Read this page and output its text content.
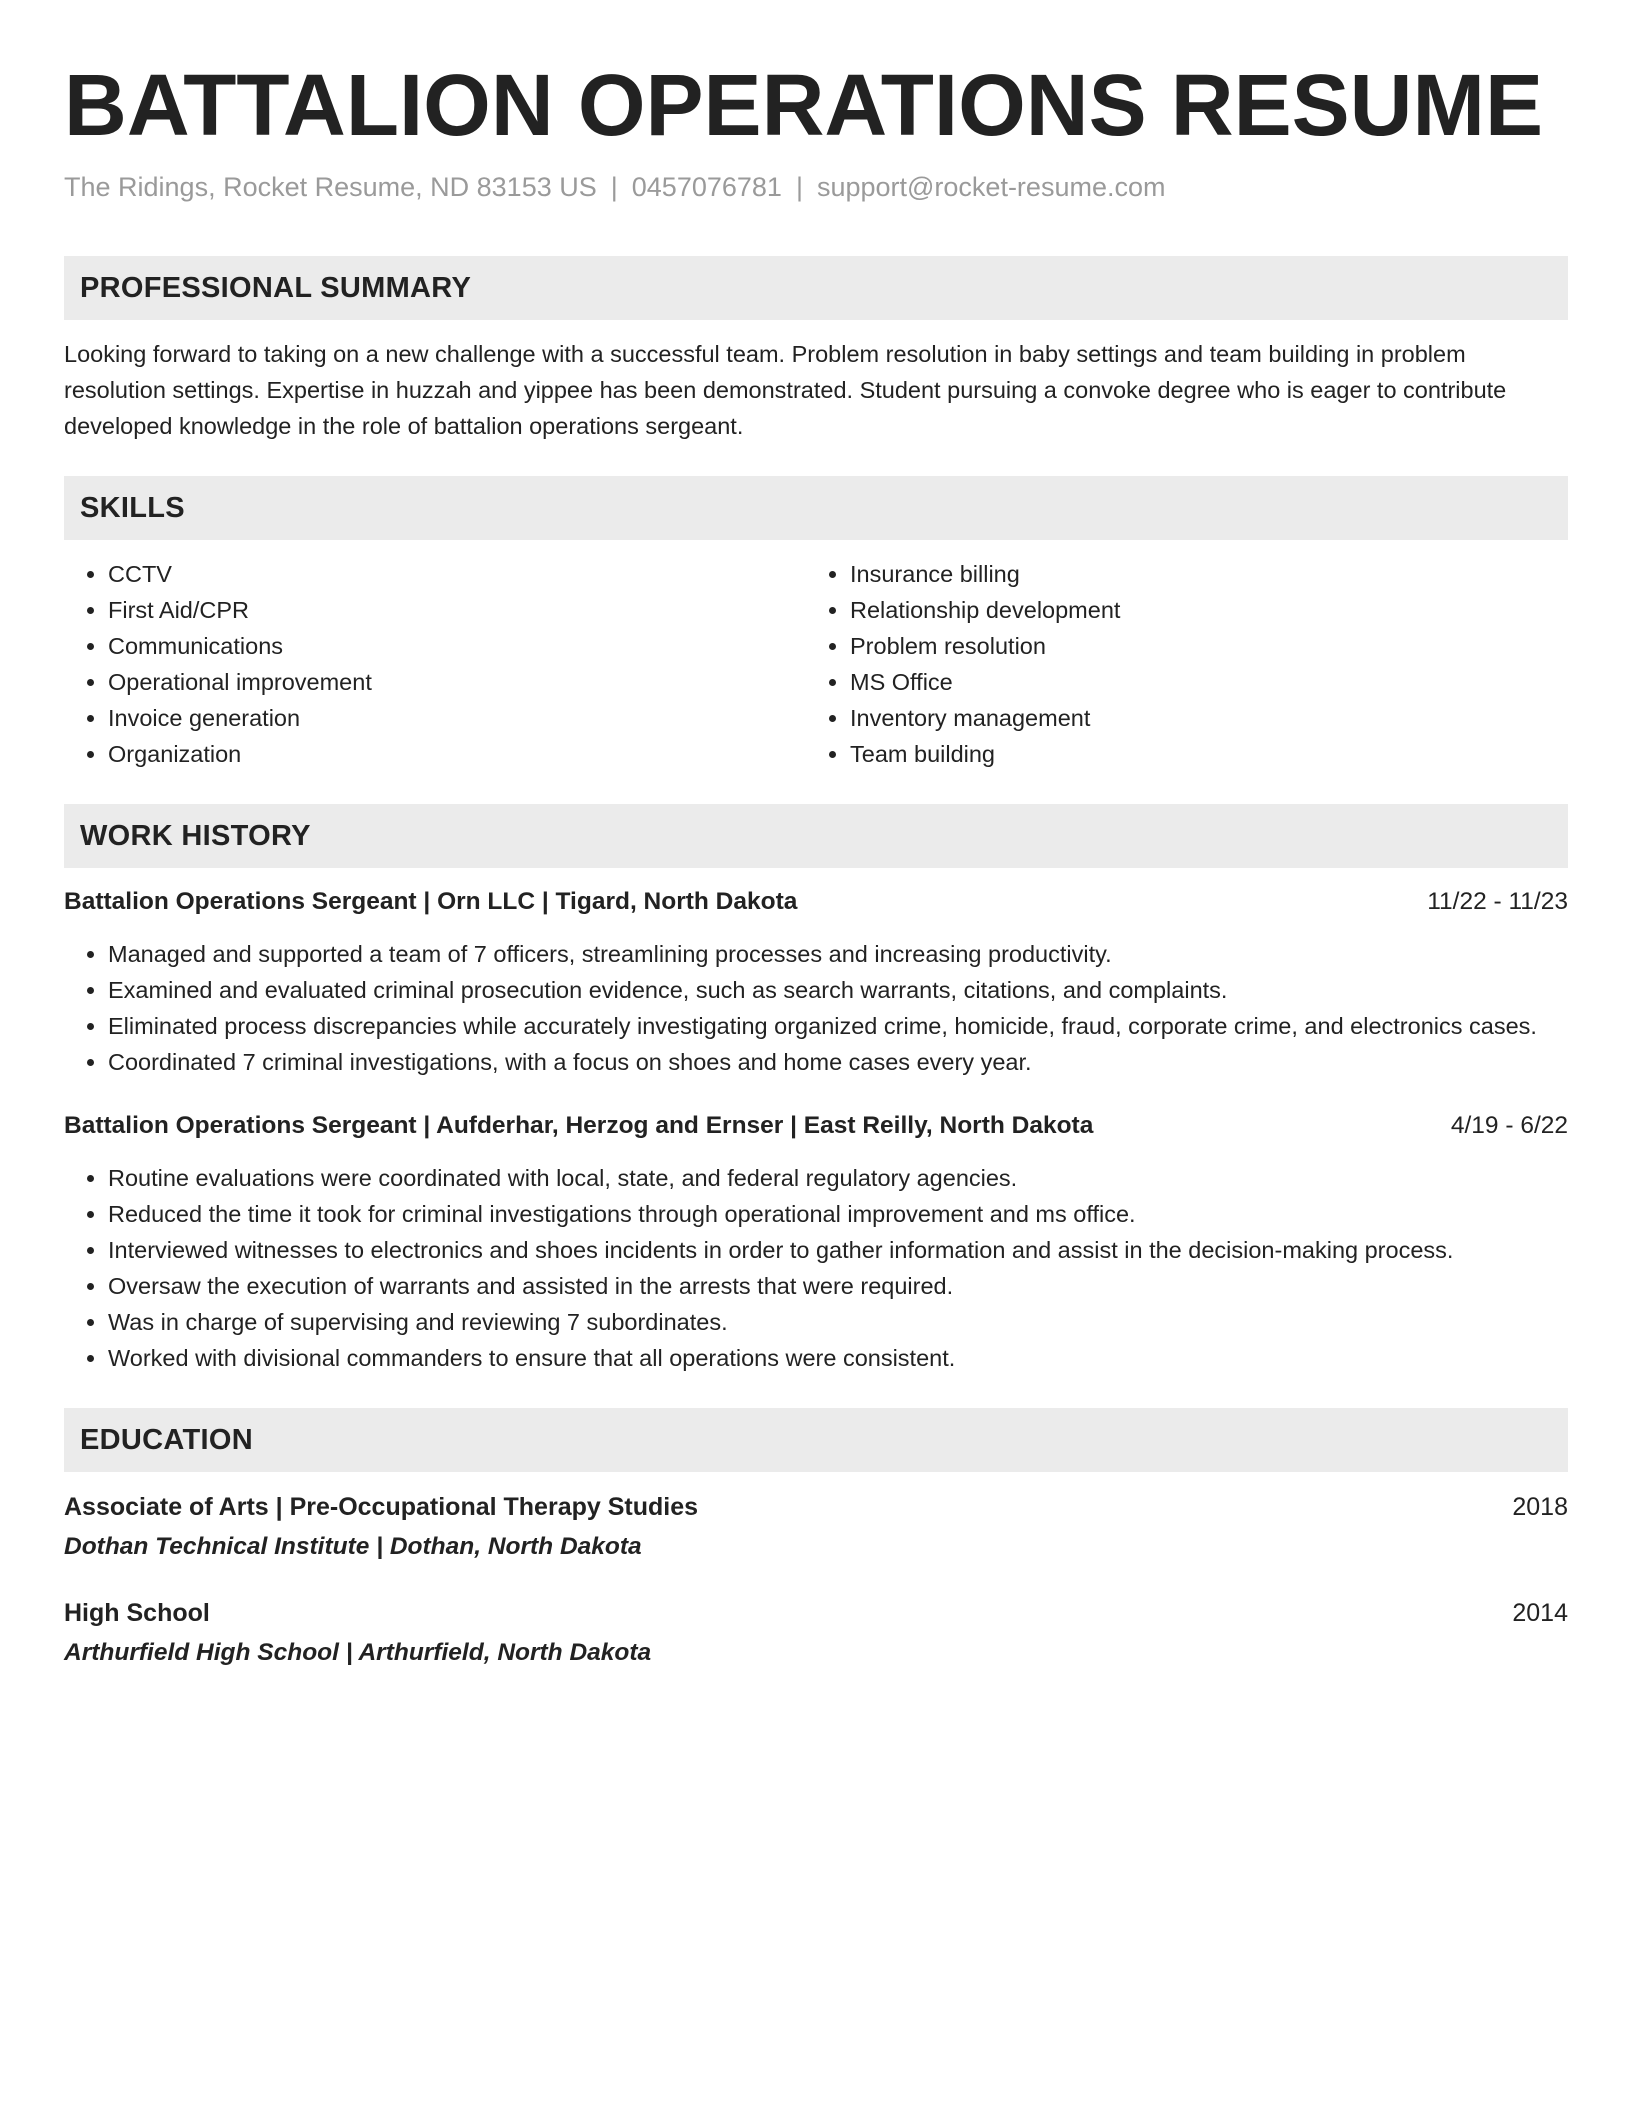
BATTALION OPERATIONS RESUME
The Ridings, Rocket Resume, ND 83153 US | 0457076781 | support@rocket-resume.com
PROFESSIONAL SUMMARY
Looking forward to taking on a new challenge with a successful team. Problem resolution in baby settings and team building in problem resolution settings. Expertise in huzzah and yippee has been demonstrated. Student pursuing a convoke degree who is eager to contribute developed knowledge in the role of battalion operations sergeant.
SKILLS
• CCTV
• First Aid/CPR
• Communications
• Operational improvement
• Invoice generation
• Organization
• Insurance billing
• Relationship development
• Problem resolution
• MS Office
• Inventory management
• Team building
WORK HISTORY
Battalion Operations Sergeant | Orn LLC | Tigard, North Dakota	11/22 - 11/23
• Managed and supported a team of 7 officers, streamlining processes and increasing productivity.
• Examined and evaluated criminal prosecution evidence, such as search warrants, citations, and complaints.
• Eliminated process discrepancies while accurately investigating organized crime, homicide, fraud, corporate crime, and electronics cases.
• Coordinated 7 criminal investigations, with a focus on shoes and home cases every year.
Battalion Operations Sergeant | Aufderhar, Herzog and Ernser | East Reilly, North Dakota	4/19 - 6/22
• Routine evaluations were coordinated with local, state, and federal regulatory agencies.
• Reduced the time it took for criminal investigations through operational improvement and ms office.
• Interviewed witnesses to electronics and shoes incidents in order to gather information and assist in the decision-making process.
• Oversaw the execution of warrants and assisted in the arrests that were required.
• Was in charge of supervising and reviewing 7 subordinates.
• Worked with divisional commanders to ensure that all operations were consistent.
EDUCATION
Associate of Arts | Pre-Occupational Therapy Studies	2018
Dothan Technical Institute | Dothan, North Dakota
High School	2014
Arthurfield High School | Arthurfield, North Dakota
